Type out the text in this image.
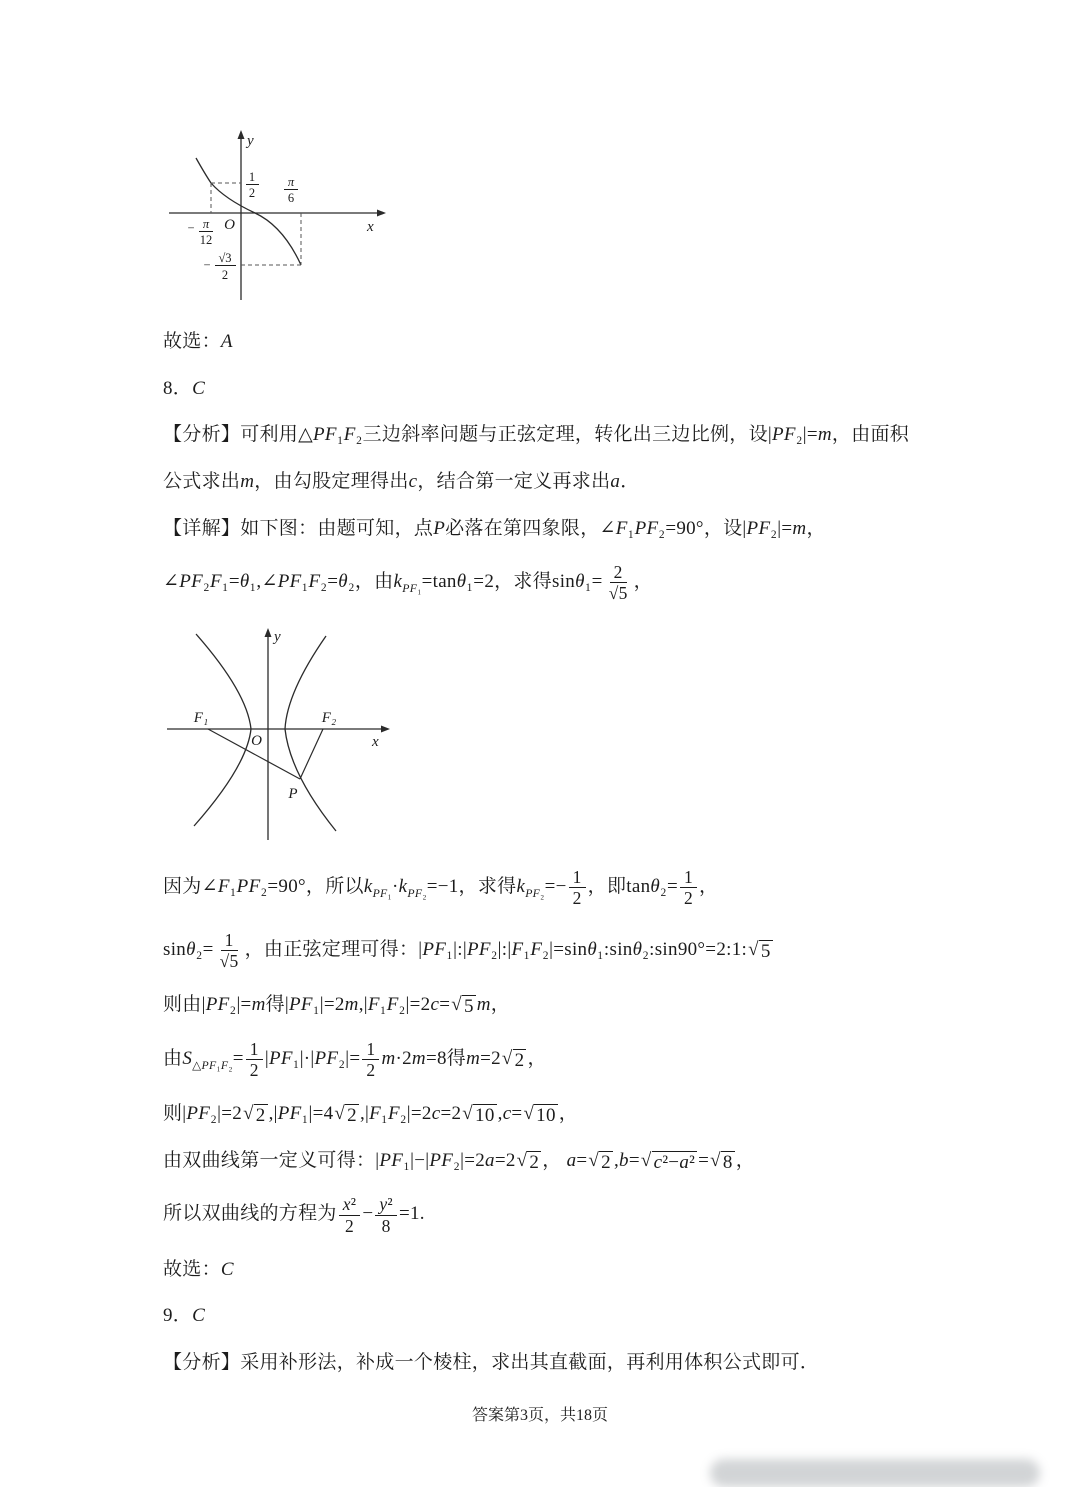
y
x
O
1
2
π
6
− π
12
− √3
2

故选：A

8．C

【分析】可利用△PF₁F₂三边斜率问题与正弦定理，转化出三边比例，设|PF₂|=m，由面积

公式求出m，由勾股定理得出c，结合第一定义再求出a．

【详解】如下图：由题可知，点P必落在第四象限，∠F₁PF₂=90°，设|PF₂|=m，

∠PF₂F₁=θ₁,∠PF₁F₂=θ₂，由$k_{PF_1}=\tan\theta_1=2$，求得$\sin\theta_1= \frac{2}{√5}$ ，

y
x
O
F₁	F₂
P

因为∠F₁PF₂=90°，所以$k_{PF_1}\cdot k_{PF_2}=-1$，求得$k_{PF_2}=- \frac{1}{2}$ ，即$\tan\theta_2= \frac{1}{2}$ ，

$\sin\theta_2= \frac{1}{√5}$ ，由正弦定理可得：|PF₁|:|PF₂|:|F₁F₂|=sinθ₁:sinθ₂:sin90°=2:1: √ 5

则由|PF₂|=m得|PF₁|=2m,|F₁F₂|=2c= √ 5 m，

由$S_{\triangle PF_1F_2}= \frac{1}{2} |PF_1|\cdot|PF_2|= \frac{1}{2} m\cdot 2m=8$得m=2 √ 2 ，

则|PF₂|=2 √ 2 ,|PF₁|=4 √ 2 ,|F₁F₂|=2c=2 √ 10 ,c= √ 10 ，

由双曲线第一定义可得：|PF₁|−|PF₂|=2a=2 √ 2 ， a= √ 2 ,b= √ c²−a² = √ 8 ，

所以双曲线的方程为 $\frac{\text{x²}}{2} - \frac{\text{y²}}{8} =1$.

故选：C

9．C

【分析】采用补形法，补成一个棱柱，求出其直截面，再利用体积公式即可．

答案第3页，共18页
